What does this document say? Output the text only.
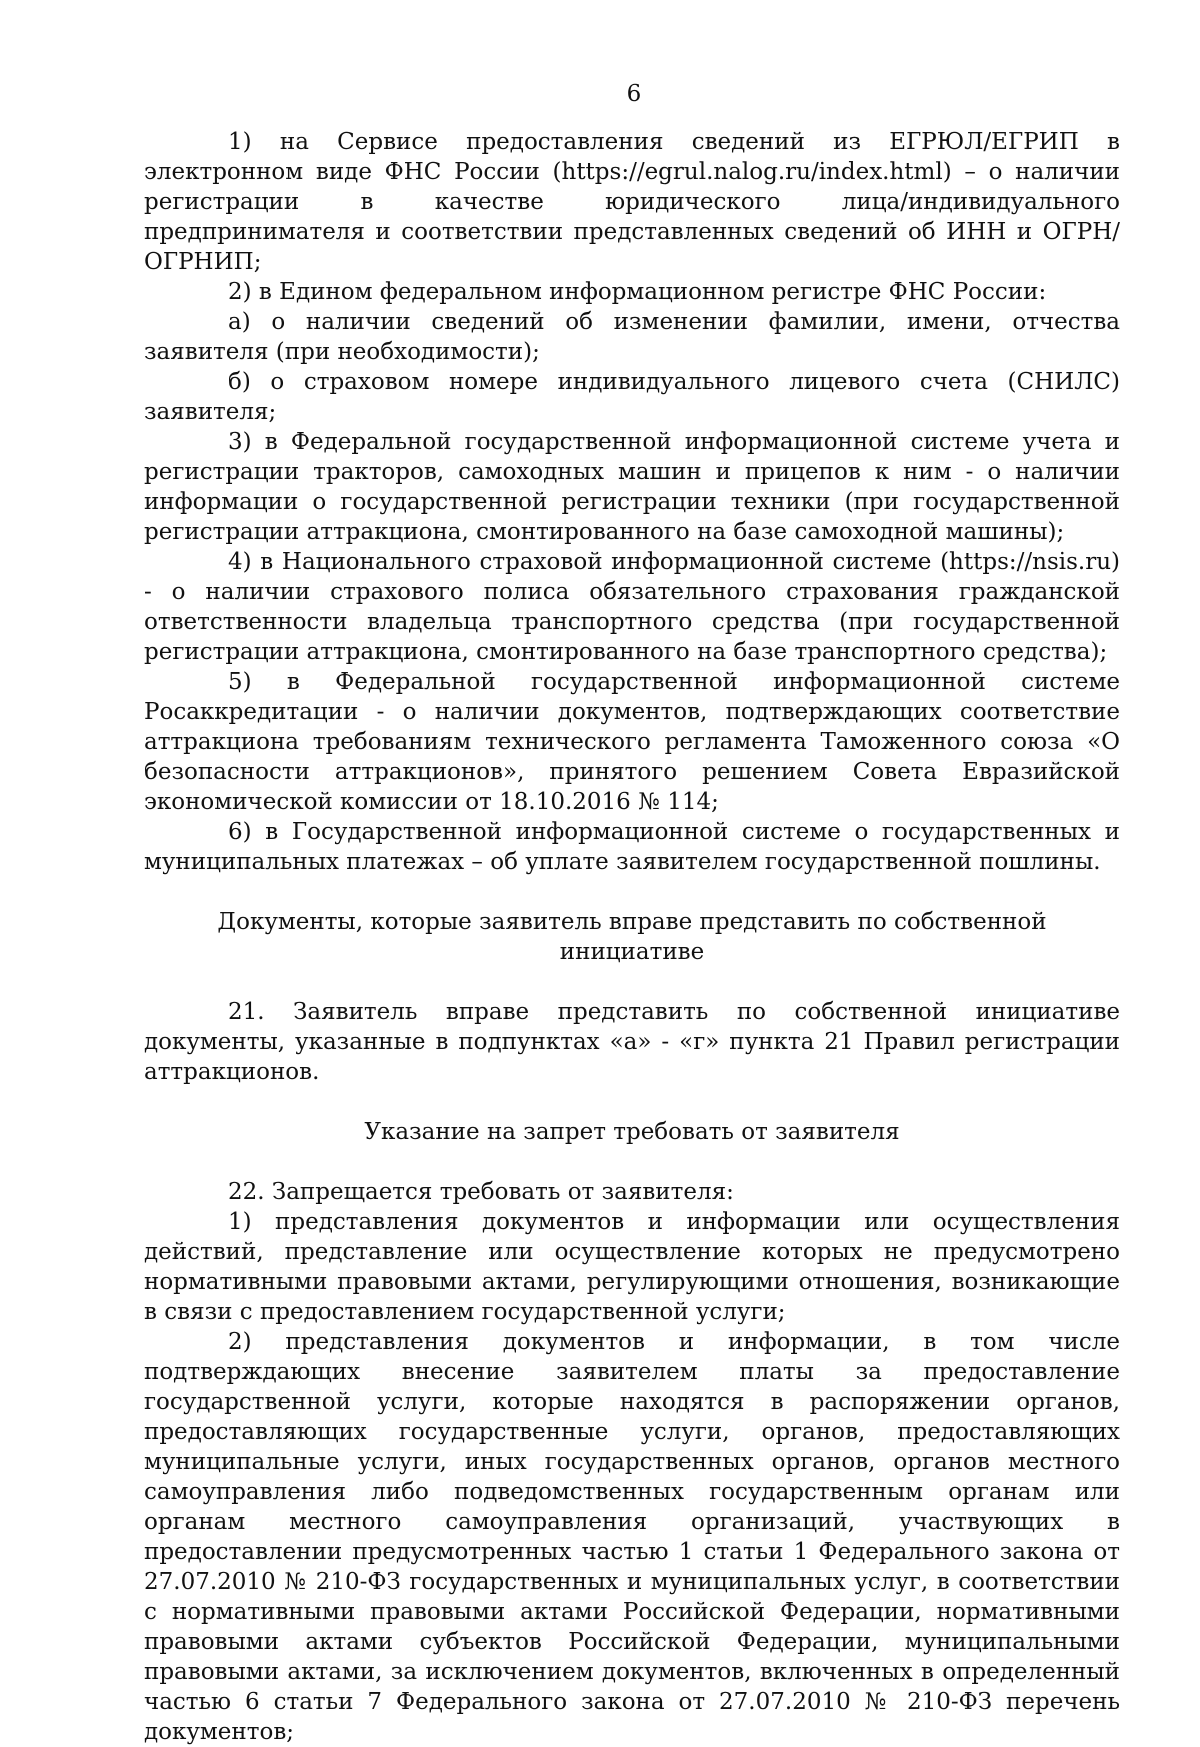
6

1) на Сервисе предоставления сведений из ЕГРЮЛ/ЕГРИП в электронном виде ФНС России (https://egrul.nalog.ru/index.html) – о наличии регистрации в качестве юридического лица/индивидуального предпринимателя и соответствии представленных сведений об ИНН и ОГРН/ОГРНИП;

2) в Едином федеральном информационном регистре ФНС России:

а) о наличии сведений об изменении фамилии, имени, отчества заявителя (при необходимости);

б) о страховом номере индивидуального лицевого счета (СНИЛС) заявителя;

3) в Федеральной государственной информационной системе учета и регистрации тракторов, самоходных машин и прицепов к ним - о наличии информации о государственной регистрации техники (при государственной регистрации аттракциона, смонтированного на базе самоходной машины);

4) в Национального страховой информационной системе (https://nsis.ru) - о наличии страхового полиса обязательного страхования гражданской ответственности владельца транспортного средства (при государственной регистрации аттракциона, смонтированного на базе транспортного средства);

5) в Федеральной государственной информационной системе Росаккредитации - о наличии документов, подтверждающих соответствие аттракциона требованиям технического регламента Таможенного союза «О безопасности аттракционов», принятого решением Совета Евразийской экономической комиссии от 18.10.2016 № 114;

6) в Государственной информационной системе о государственных и муниципальных платежах – об уплате заявителем государственной пошлины.

Документы, которые заявитель вправе представить по собственной инициативе

21. Заявитель вправе представить по собственной инициативе документы, указанные в подпунктах «а» - «г» пункта 21 Правил регистрации аттракционов.

Указание на запрет требовать от заявителя

22. Запрещается требовать от заявителя:

1) представления документов и информации или осуществления действий, представление или осуществление которых не предусмотрено нормативными правовыми актами, регулирующими отношения, возникающие в связи с предоставлением государственной услуги;

2) представления документов и информации, в том числе подтверждающих внесение заявителем платы за предоставление государственной услуги, которые находятся в распоряжении органов, предоставляющих государственные услуги, органов, предоставляющих муниципальные услуги, иных государственных органов, органов местного самоуправления либо подведомственных государственным органам или органам местного самоуправления организаций, участвующих в предоставлении предусмотренных частью 1 статьи 1 Федерального закона от 27.07.2010 № 210-ФЗ государственных и муниципальных услуг, в соответствии с нормативными правовыми актами Российской Федерации, нормативными правовыми актами субъектов Российской Федерации, муниципальными правовыми актами, за исключением документов, включенных в определенный частью 6 статьи 7 Федерального закона от 27.07.2010 № 210-ФЗ перечень документов;
